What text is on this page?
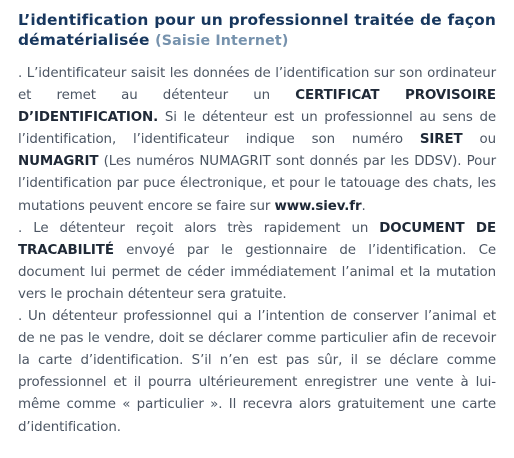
L’identification pour un professionnel traitée de façon dématérialisée (Saisie Internet)

. L’identificateur saisit les données de l’identification sur son ordinateur et remet au détenteur un CERTIFICAT PROVISOIRE D’IDENTIFICATION. Si le détenteur est un professionnel au sens de l’identification, l’identificateur indique son numéro SIRET ou NUMAGRIT (Les numéros NUMAGRIT sont donnés par les DDSV). Pour l’identification par puce électronique, et pour le tatouage des chats, les mutations peuvent encore se faire sur www.siev.fr.

. Le détenteur reçoit alors très rapidement un DOCUMENT DE TRACABILITÉ envoyé par le gestionnaire de l’identification. Ce document lui permet de céder immédiatement l’animal et la mutation vers le prochain détenteur sera gratuite.

. Un détenteur professionnel qui a l’intention de conserver l’animal et de ne pas le vendre, doit se déclarer comme particulier afin de recevoir la carte d’identification. S’il n’en est pas sûr, il se déclare comme professionnel et il pourra ultérieurement enregistrer une vente à lui-même comme « particulier ». Il recevra alors gratuitement une carte d’identification.
